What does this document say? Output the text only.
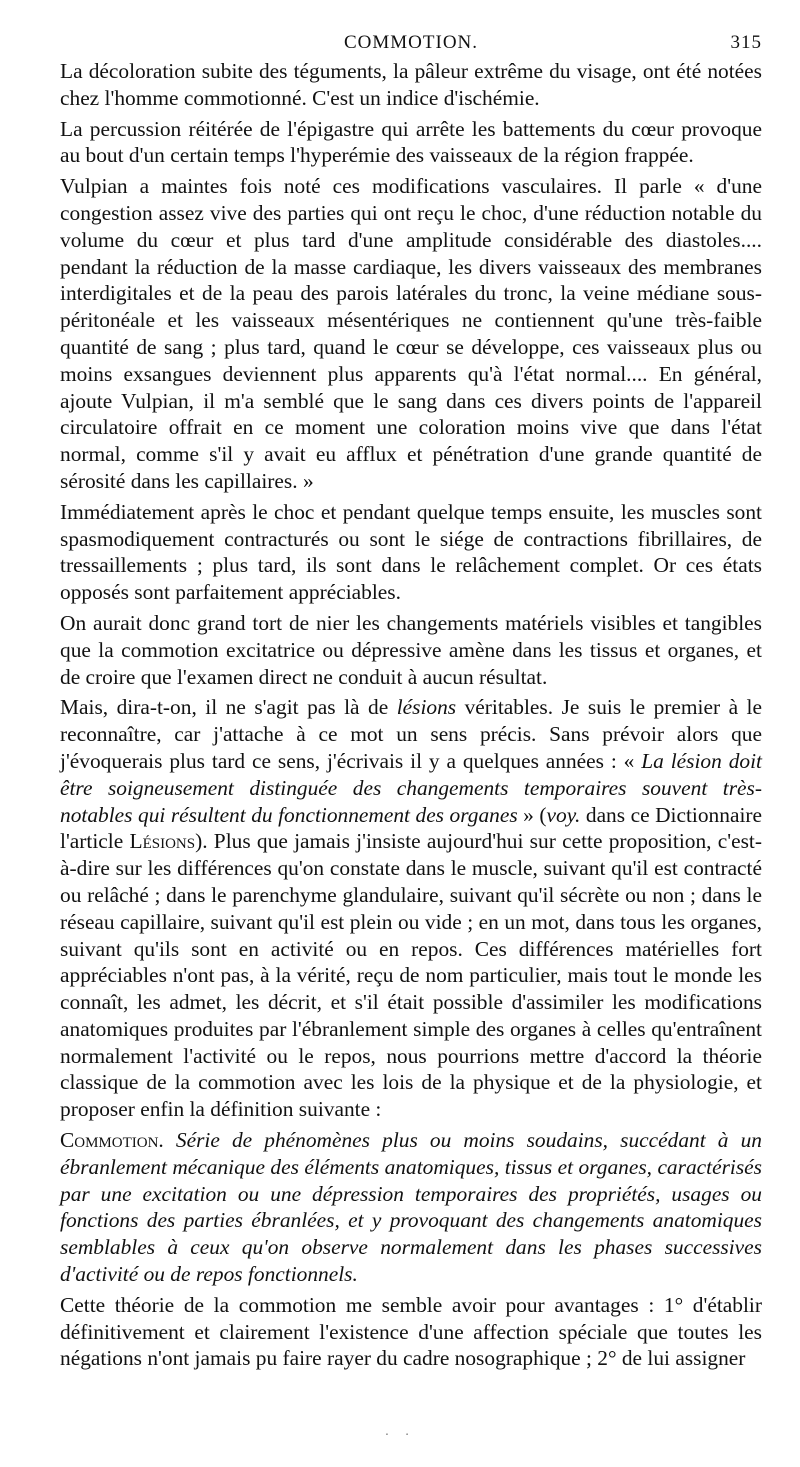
COMMOTION.	315

La décoloration subite des téguments, la pâleur extrême du visage, ont été notées chez l'homme commotionné. C'est un indice d'ischémie.

La percussion réitérée de l'épigastre qui arrête les battements du cœur provoque au bout d'un certain temps l'hyperémie des vaisseaux de la région frappée.

Vulpian a maintes fois noté ces modifications vasculaires. Il parle « d'une congestion assez vive des parties qui ont reçu le choc, d'une réduction notable du volume du cœur et plus tard d'une amplitude considérable des diastoles.... pendant la réduction de la masse cardiaque, les divers vaisseaux des membranes interdigitales et de la peau des parois latérales du tronc, la veine médiane sous-péritonéale et les vaisseaux mésentériques ne contiennent qu'une très-faible quantité de sang ; plus tard, quand le cœur se développe, ces vaisseaux plus ou moins exsangues deviennent plus apparents qu'à l'état normal.... En général, ajoute Vulpian, il m'a semblé que le sang dans ces divers points de l'appareil circulatoire offrait en ce moment une coloration moins vive que dans l'état normal, comme s'il y avait eu afflux et pénétration d'une grande quantité de sérosité dans les capillaires. »

Immédiatement après le choc et pendant quelque temps ensuite, les muscles sont spasmodiquement contracturés ou sont le siége de contractions fibrillaires, de tressaillements ; plus tard, ils sont dans le relâchement complet. Or ces états opposés sont parfaitement appréciables.

On aurait donc grand tort de nier les changements matériels visibles et tangibles que la commotion excitatrice ou dépressive amène dans les tissus et organes, et de croire que l'examen direct ne conduit à aucun résultat.

Mais, dira-t-on, il ne s'agit pas là de lésions véritables. Je suis le premier à le reconnaître, car j'attache à ce mot un sens précis. Sans prévoir alors que j'évoquerais plus tard ce sens, j'écrivais il y a quelques années : « La lésion doit être soigneusement distinguée des changements temporaires souvent très-notables qui résultent du fonctionnement des organes » (voy. dans ce Dictionnaire l'article Lésions). Plus que jamais j'insiste aujourd'hui sur cette proposition, c'est-à-dire sur les différences qu'on constate dans le muscle, suivant qu'il est contracté ou relâché ; dans le parenchyme glandulaire, suivant qu'il sécrète ou non ; dans le réseau capillaire, suivant qu'il est plein ou vide ; en un mot, dans tous les organes, suivant qu'ils sont en activité ou en repos. Ces différences matérielles fort appréciables n'ont pas, à la vérité, reçu de nom particulier, mais tout le monde les connaît, les admet, les décrit, et s'il était possible d'assimiler les modifications anatomiques produites par l'ébranlement simple des organes à celles qu'entraînent normalement l'activité ou le repos, nous pourrions mettre d'accord la théorie classique de la commotion avec les lois de la physique et de la physiologie, et proposer enfin la définition suivante :

Commotion. Série de phénomènes plus ou moins soudains, succédant à un ébranlement mécanique des éléments anatomiques, tissus et organes, caractérisés par une excitation ou une dépression temporaires des propriétés, usages ou fonctions des parties ébranlées, et y provoquant des changements anatomiques semblables à ceux qu'on observe normalement dans les phases successives d'activité ou de repos fonctionnels.

Cette théorie de la commotion me semble avoir pour avantages : 1° d'établir définitivement et clairement l'existence d'une affection spéciale que toutes les négations n'ont jamais pu faire rayer du cadre nosographique ; 2° de lui assigner

· ·
